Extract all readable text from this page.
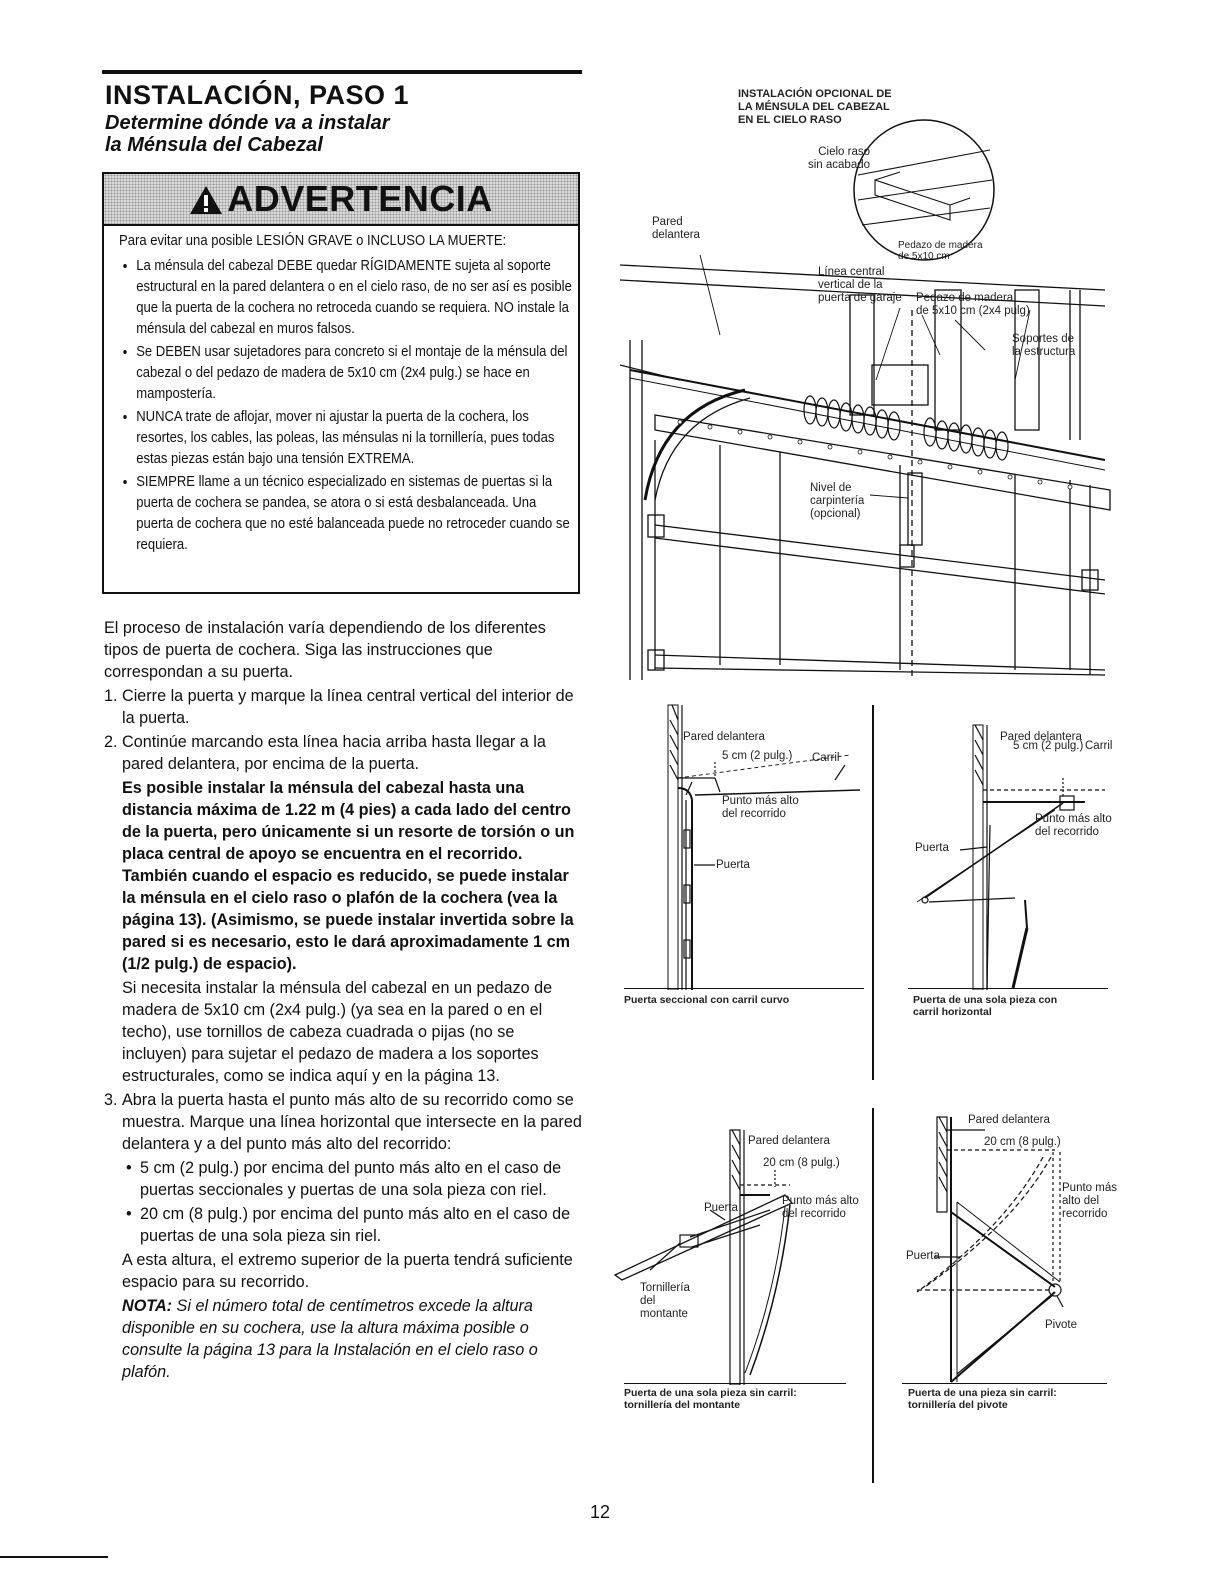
INSTALACIÓN, PASO 1
Determine dónde va a instalar
la Ménsula del Cabezal
ADVERTENCIA
Para evitar una posible LESIÓN GRAVE o INCLUSO LA MUERTE:
• La ménsula del cabezal DEBE quedar RÍGIDAMENTE sujeta al soporte estructural en la pared delantera o en el cielo raso, de no ser así es posible que la puerta de la cochera no retroceda cuando se requiera. NO instale la ménsula del cabezal en muros falsos.
• Se DEBEN usar sujetadores para concreto si el montaje de la ménsula del cabezal o del pedazo de madera de 5x10 cm (2x4 pulg.) se hace en mampostería.
• NUNCA trate de aflojar, mover ni ajustar la puerta de la cochera, los resortes, los cables, las poleas, las ménsulas ni la tornillería, pues todas estas piezas están bajo una tensión EXTREMA.
• SIEMPRE llame a un técnico especializado en sistemas de puertas si la puerta de cochera se pandea, se atora o si está desbalanceada. Una puerta de cochera que no esté balanceada puede no retroceder cuando se requiera.

El proceso de instalación varía dependiendo de los diferentes tipos de puerta de cochera. Siga las instrucciones que correspondan a su puerta.

1. Cierre la puerta y marque la línea central vertical del interior de la puerta.
2. Continúe marcando esta línea hacia arriba hasta llegar a la pared delantera, por encima de la puerta.
Es posible instalar la ménsula del cabezal hasta una distancia máxima de 1.22 m (4 pies) a cada lado del centro de la puerta, pero únicamente si un resorte de torsión o un placa central de apoyo se encuentra en el recorrido. También cuando el espacio es reducido, se puede instalar la ménsula en el cielo raso o plafón de la cochera (vea la página 13). (Asimismo, se puede instalar invertida sobre la pared si es necesario, esto le dará aproximadamente 1 cm (1/2 pulg.) de espacio).
Si necesita instalar la ménsula del cabezal en un pedazo de madera de 5x10 cm (2x4 pulg.) (ya sea en la pared o en el techo), use tornillos de cabeza cuadrada o pijas (no se incluyen) para sujetar el pedazo de madera a los soportes estructurales, como se indica aquí y en la página 13.
3. Abra la puerta hasta el punto más alto de su recorrido como se muestra. Marque una línea horizontal que intersecte en la pared delantera y a del punto más alto del recorrido:
• 5 cm (2 pulg.) por encima del punto más alto en el caso de puertas seccionales y puertas de una sola pieza con riel.
• 20 cm (8 pulg.) por encima del punto más alto en el caso de puertas de una sola pieza sin riel.
A esta altura, el extremo superior de la puerta tendrá suficiente espacio para su recorrido.
NOTA: Si el número total de centímetros excede la altura disponible en su cochera, use la altura máxima posible o consulte la página 13 para la Instalación en el cielo raso o plafón.
12
INSTALACIÓN OPCIONAL DE
LA MÉNSULA DEL CABEZAL
EN EL CIELO RASO
Cielo raso
sin acabado
Pedazo de madera
de 5x10 cm
Pared
delantera
Línea central
vertical de la
puerta de garaje Pedazo de madera
de 5x10 cm (2x4 pulg)
Soportes de
la estructura
Nivel de
carpintería
(opcional)
Pared delantera
5 cm (2 pulg.) Carril
Punto más alto
del recorrido
Puerta
Puerta seccional con carril curvo
Pared delantera
5 cm (2 pulg.) Carril
Punto más alto
del recorrido
Puerta
Puerta de una sola pieza con
carril horizontal
Pared delantera
20 cm (8 pulg.)
Punto más alto
del recorrido
Puerta
Tornillería
del
montante
Puerta de una sola pieza sin carril:
tornillería del montante
Pared delantera
20 cm (8 pulg.)
Punto más
alto del
recorrido
Puerta
Pivote
Puerta de una pieza sin carril:
tornillería del pivote
